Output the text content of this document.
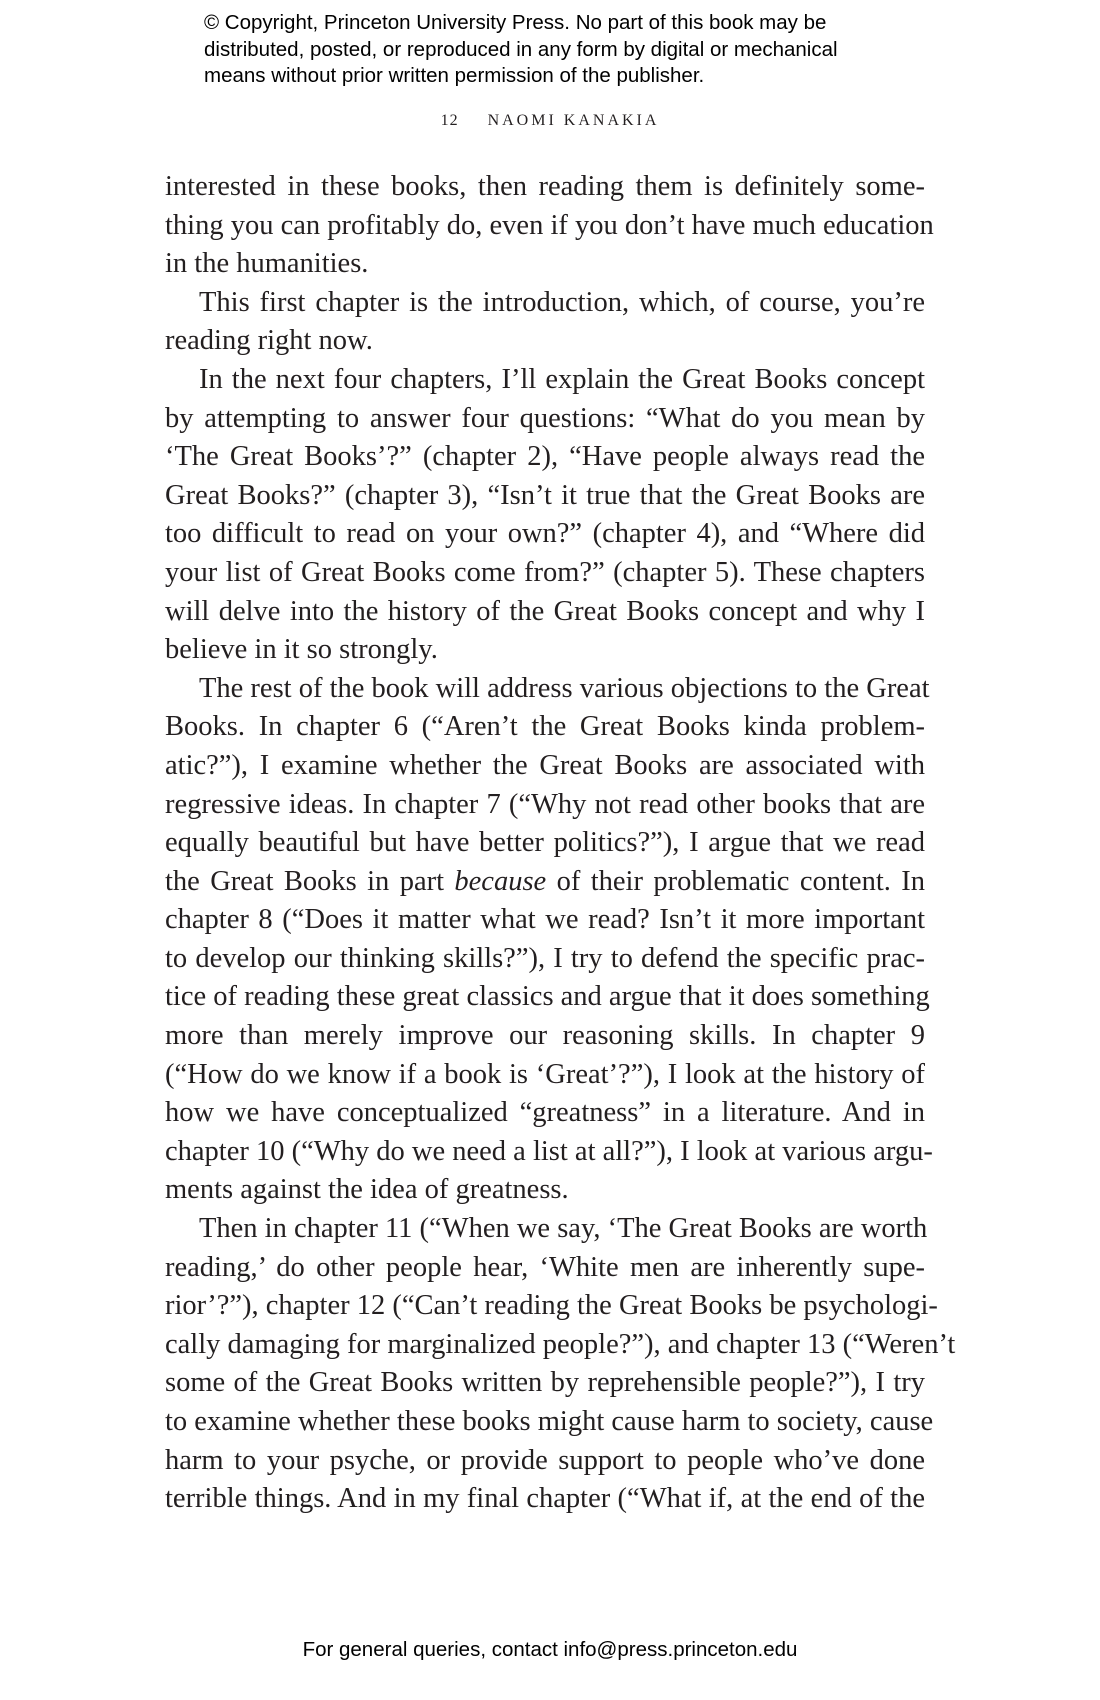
© Copyright, Princeton University Press. No part of this book may be
distributed, posted, or reproduced in any form by digital or mechanical
means without prior written permission of the publisher.
12 NAOMI KANAKIA
interested in these books, then reading them is definitely some-
thing you can profitably do, even if you don’t have much education
in the humanities.
This first chapter is the introduction, which, of course, you’re
reading right now.
In the next four chapters, I’ll explain the Great Books concept
by attempting to answer four questions: “What do you mean by
‘The Great Books’?” (chapter 2), “Have people always read the
Great Books?” (chapter 3), “Isn’t it true that the Great Books are
too difficult to read on your own?” (chapter 4), and “Where did
your list of Great Books come from?” (chapter 5). These chapters
will delve into the history of the Great Books concept and why I
believe in it so strongly.
The rest of the book will address various objections to the Great
Books. In chapter 6 (“Aren’t the Great Books kinda problem-
atic?”), I examine whether the Great Books are associated with
regressive ideas. In chapter 7 (“Why not read other books that are
equally beautiful but have better politics?”), I argue that we read
the Great Books in part because of their problematic content. In
chapter 8 (“Does it matter what we read? Isn’t it more important
to develop our thinking skills?”), I try to defend the specific prac-
tice of reading these great classics and argue that it does something
more than merely improve our reasoning skills. In chapter 9
(“How do we know if a book is ‘Great’?”), I look at the history of
how we have conceptualized “greatness” in a literature. And in
chapter 10 (“Why do we need a list at all?”), I look at various argu-
ments against the idea of greatness.
Then in chapter 11 (“When we say, ‘The Great Books are worth
reading,’ do other people hear, ‘White men are inherently supe-
rior’?”), chapter 12 (“Can’t reading the Great Books be psychologi-
cally damaging for marginalized people?”), and chapter 13 (“Weren’t
some of the Great Books written by reprehensible people?”), I try
to examine whether these books might cause harm to society, cause
harm to your psyche, or provide support to people who’ve done
terrible things. And in my final chapter (“What if, at the end of the
For general queries, contact info@press.princeton.edu
